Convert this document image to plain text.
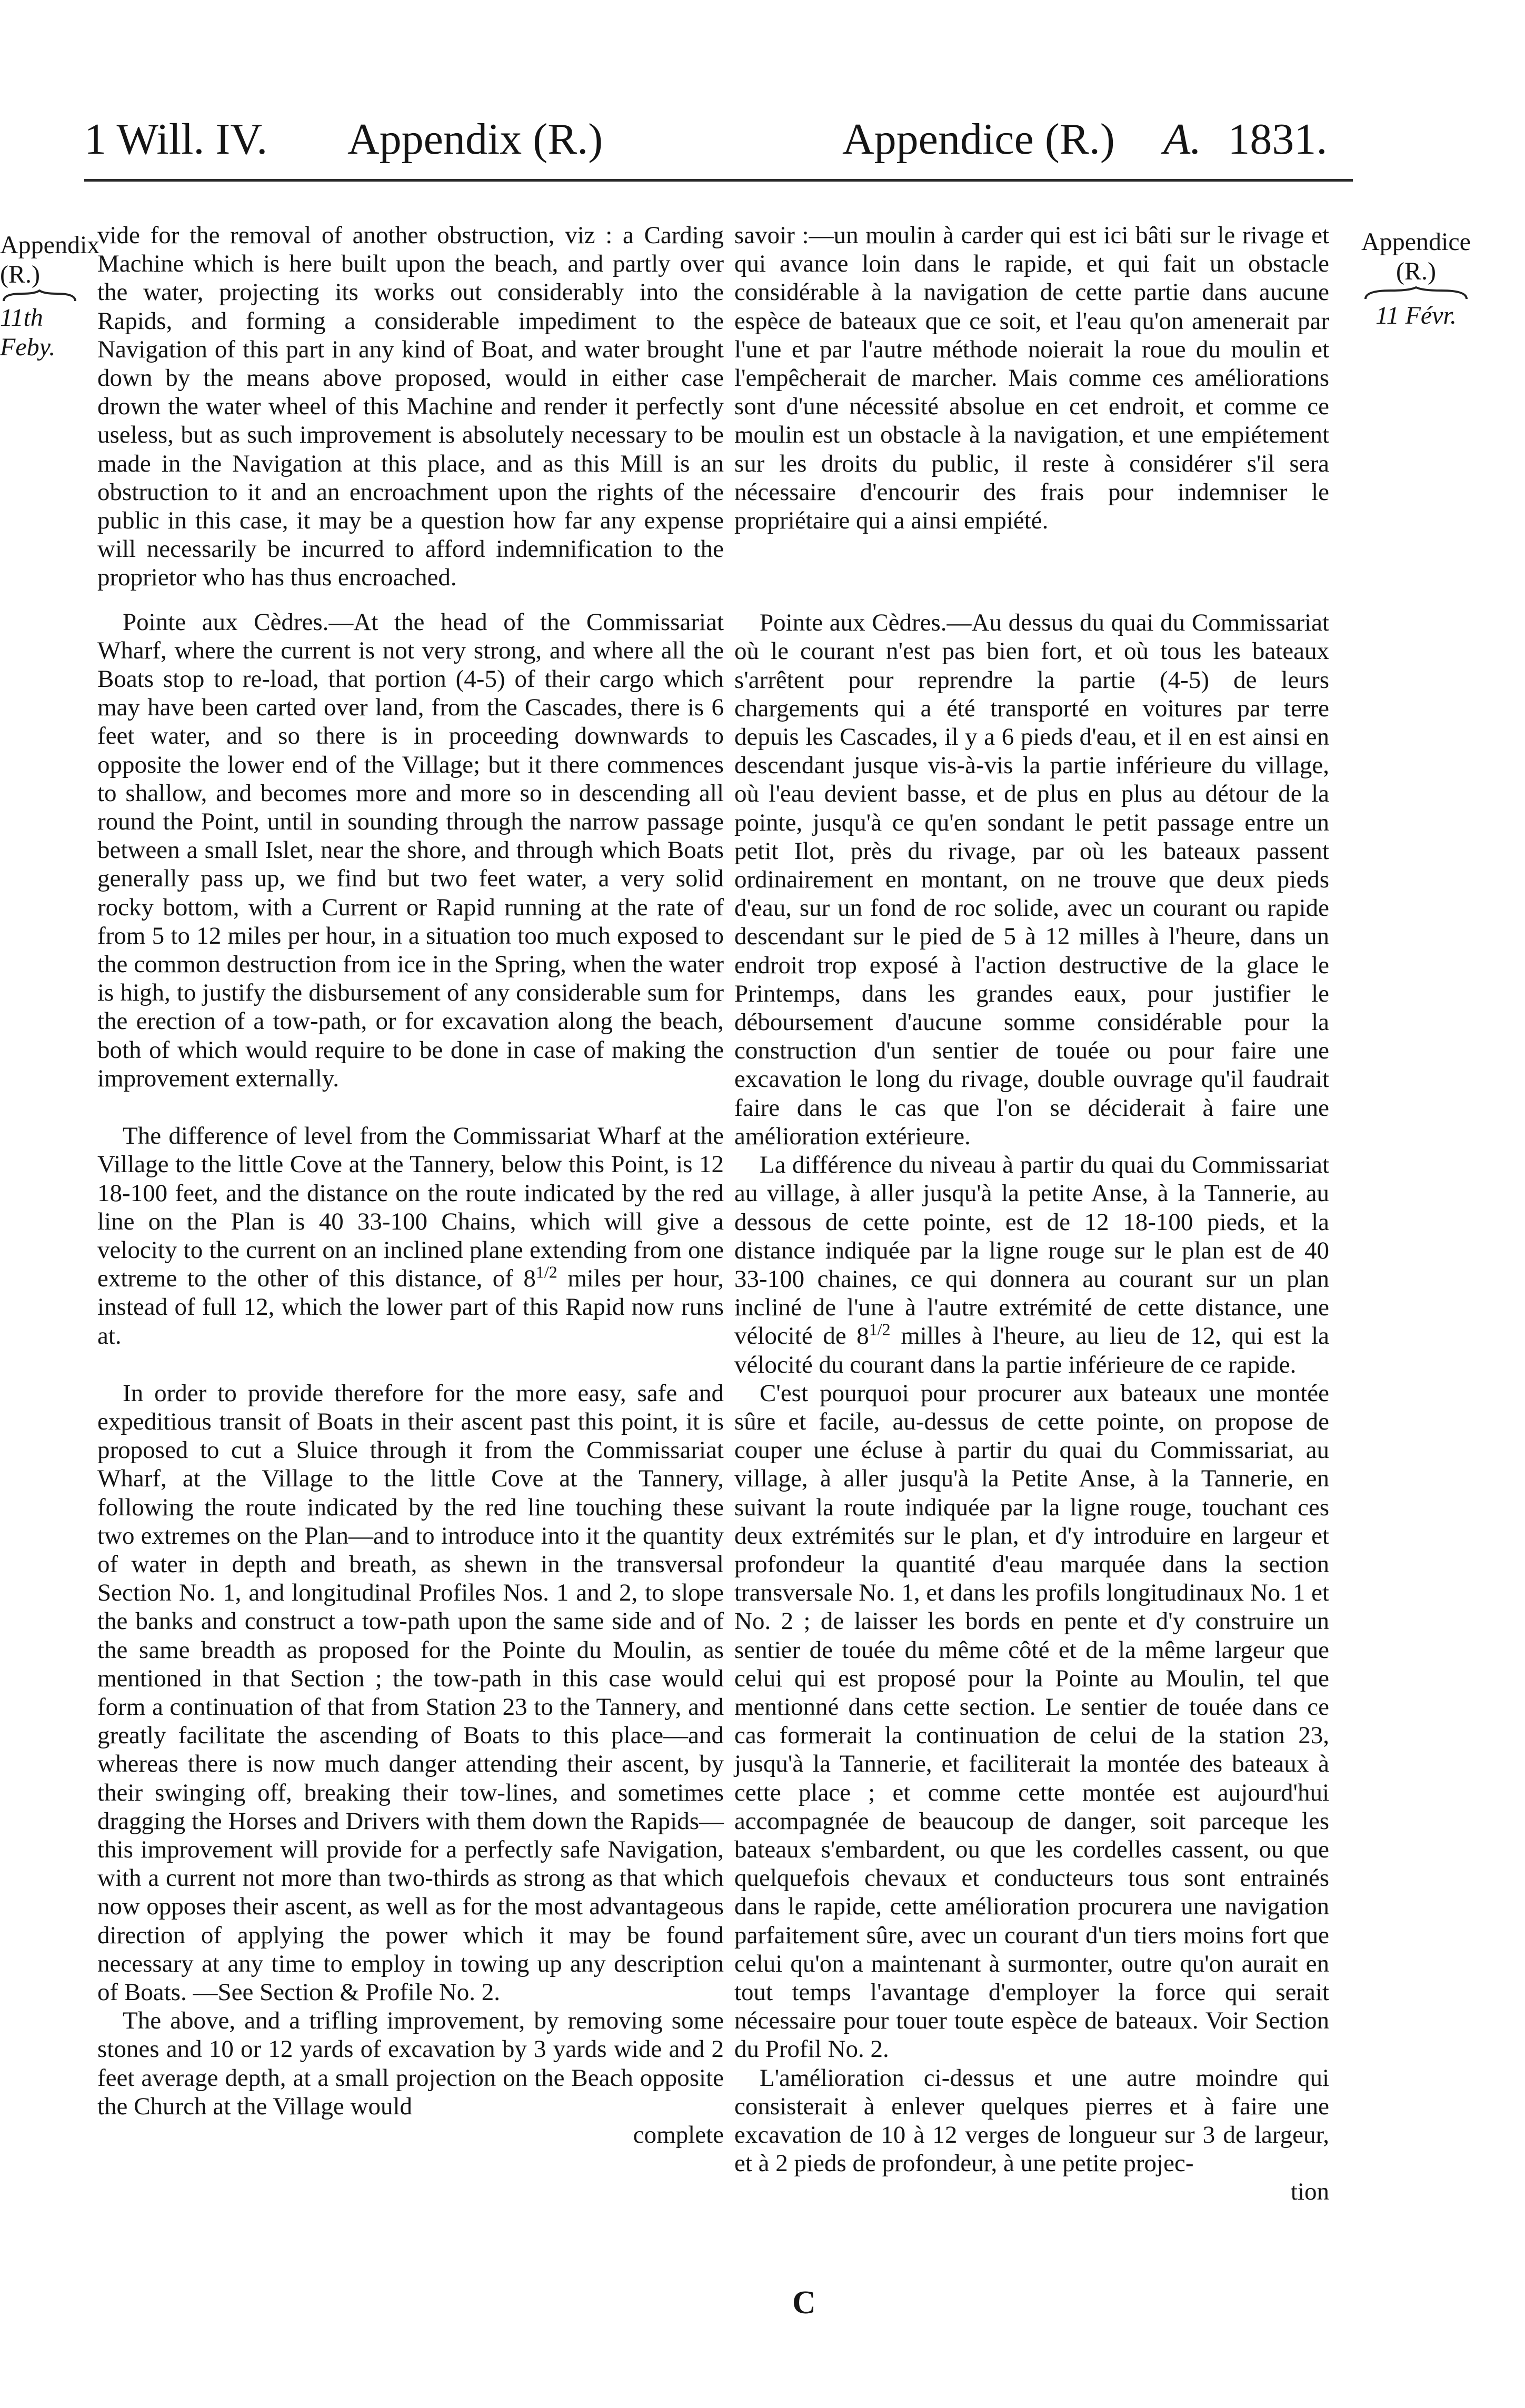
1 Will. IV. Appendix (R.)	Appendice (R.) A. 1831.
Appendix
(R.)
11th Feby.
Appendice
(R.)
11 Févr.

vide for the removal of another obstruction, viz : a Carding Machine which is here built upon the beach, and partly over the water, projecting its works out considerably into the Rapids, and forming a considerable impediment to the Navigation of this part in any kind of Boat, and water brought down by the means above proposed, would in either case drown the water wheel of this Machine and render it perfectly useless, but as such improvement is absolutely necessary to be made in the Navigation at this place, and as this Mill is an obstruction to it and an encroachment upon the rights of the public in this case, it may be a question how far any expense will necessarily be incurred to afford indemnification to the proprietor who has thus encroached.

Pointe aux Cèdres.—At the head of the Commissariat Wharf, where the current is not very strong, and where all the Boats stop to re-load, that portion (4-5) of their cargo which may have been carted over land, from the Cascades, there is 6 feet water, and so there is in proceeding downwards to opposite the lower end of the Village; but it there commences to shallow, and becomes more and more so in descending all round the Point, until in sounding through the narrow passage between a small Islet, near the shore, and through which Boats generally pass up, we find but two feet water, a very solid rocky bottom, with a Current or Rapid running at the rate of from 5 to 12 miles per hour, in a situation too much exposed to the common destruction from ice in the Spring, when the water is high, to justify the disbursement of any considerable sum for the erection of a tow-path, or for excavation along the beach, both of which would require to be done in case of making the improvement externally.

The difference of level from the Commissariat Wharf at the Village to the little Cove at the Tannery, below this Point, is 12 18-100 feet, and the distance on the route indicated by the red line on the Plan is 40 33-100 Chains, which will give a velocity to the current on an inclined plane extending from one extreme to the other of this distance, of $8^{1/2}$ miles per hour, instead of full 12, which the lower part of this Rapid now runs at.

In order to provide therefore for the more easy, safe and expeditious transit of Boats in their ascent past this point, it is proposed to cut a Sluice through it from the Commissariat Wharf, at the Village to the little Cove at the Tannery, following the route indicated by the red line touching these two extremes on the Plan—and to introduce into it the quantity of water in depth and breath, as shewn in the transversal Section No. 1, and longitudinal Profiles Nos. 1 and 2, to slope the banks and construct a tow-path upon the same side and of the same breadth as proposed for the Pointe du Moulin, as mentioned in that Section ; the tow-path in this case would form a continuation of that from Station 23 to the Tannery, and greatly facilitate the ascending of Boats to this place—and whereas there is now much danger attending their ascent, by their swinging off, breaking their tow-lines, and sometimes dragging the Horses and Drivers with them down the Rapids—this improvement will provide for a perfectly safe Navigation, with a current not more than two-thirds as strong as that which now opposes their ascent, as well as for the most advantageous direction of applying the power which it may be found necessary at any time to employ in towing up any description of Boats. —See Section & Profile No. 2.

The above, and a trifling improvement, by removing some stones and 10 or 12 yards of excavation by 3 yards wide and 2 feet average depth, at a small projection on the Beach opposite the Church at the Village would

complete

savoir :—un moulin à carder qui est ici bâti sur le rivage et qui avance loin dans le rapide, et qui fait un obstacle considérable à la navigation de cette partie dans aucune espèce de bateaux que ce soit, et l'eau qu'on amenerait par l'une et par l'autre méthode noierait la roue du moulin et l'empêcherait de marcher. Mais comme ces améliorations sont d'une nécessité absolue en cet endroit, et comme ce moulin est un obstacle à la navigation, et une empiétement sur les droits du public, il reste à considérer s'il sera nécessaire d'encourir des frais pour indemniser le propriétaire qui a ainsi empiété.

Pointe aux Cèdres.—Au dessus du quai du Commissariat où le courant n'est pas bien fort, et où tous les bateaux s'arrêtent pour reprendre la partie (4-5) de leurs chargements qui a été transporté en voitures par terre depuis les Cascades, il y a 6 pieds d'eau, et il en est ainsi en descendant jusque vis-à-vis la partie inférieure du village, où l'eau devient basse, et de plus en plus au détour de la pointe, jusqu'à ce qu'en sondant le petit passage entre un petit Ilot, près du rivage, par où les bateaux passent ordinairement en montant, on ne trouve que deux pieds d'eau, sur un fond de roc solide, avec un courant ou rapide descendant sur le pied de 5 à 12 milles à l'heure, dans un endroit trop exposé à l'action destructive de la glace le Printemps, dans les grandes eaux, pour justifier le déboursement d'aucune somme considérable pour la construction d'un sentier de touée ou pour faire une excavation le long du rivage, double ouvrage qu'il faudrait faire dans le cas que l'on se déciderait à faire une amélioration extérieure.

La différence du niveau à partir du quai du Commissariat au village, à aller jusqu'à la petite Anse, à la Tannerie, au dessous de cette pointe, est de 12 18-100 pieds, et la distance indiquée par la ligne rouge sur le plan est de 40 33-100 chaines, ce qui donnera au courant sur un plan incliné de l'une à l'autre extrémité de cette distance, une vélocité de $8^{1/2}$ milles à l'heure, au lieu de 12, qui est la vélocité du courant dans la partie inférieure de ce rapide.

C'est pourquoi pour procurer aux bateaux une montée sûre et facile, au-dessus de cette pointe, on propose de couper une écluse à partir du quai du Commissariat, au village, à aller jusqu'à la Petite Anse, à la Tannerie, en suivant la route indiquée par la ligne rouge, touchant ces deux extrémités sur le plan, et d'y introduire en largeur et profondeur la quantité d'eau marquée dans la section transversale No. 1, et dans les profils longitudinaux No. 1 et No. 2 ; de laisser les bords en pente et d'y construire un sentier de touée du même côté et de la même largeur que celui qui est proposé pour la Pointe au Moulin, tel que mentionné dans cette section. Le sentier de touée dans ce cas formerait la continuation de celui de la station 23, jusqu'à la Tannerie, et faciliterait la montée des bateaux à cette place ; et comme cette montée est aujourd'hui accompagnée de beaucoup de danger, soit parceque les bateaux s'embardent, ou que les cordelles cassent, ou que quelquefois chevaux et conducteurs tous sont entrainés dans le rapide, cette amélioration procurera une navigation parfaitement sûre, avec un courant d'un tiers moins fort que celui qu'on a maintenant à surmonter, outre qu'on aurait en tout temps l'avantage d'employer la force qui serait nécessaire pour touer toute espèce de bateaux. Voir Section du Profil No. 2.

L'amélioration ci-dessus et une autre moindre qui consisterait à enlever quelques pierres et à faire une excavation de 10 à 12 verges de longueur sur 3 de largeur, et à 2 pieds de profondeur, à une petite projec-

tion

C
